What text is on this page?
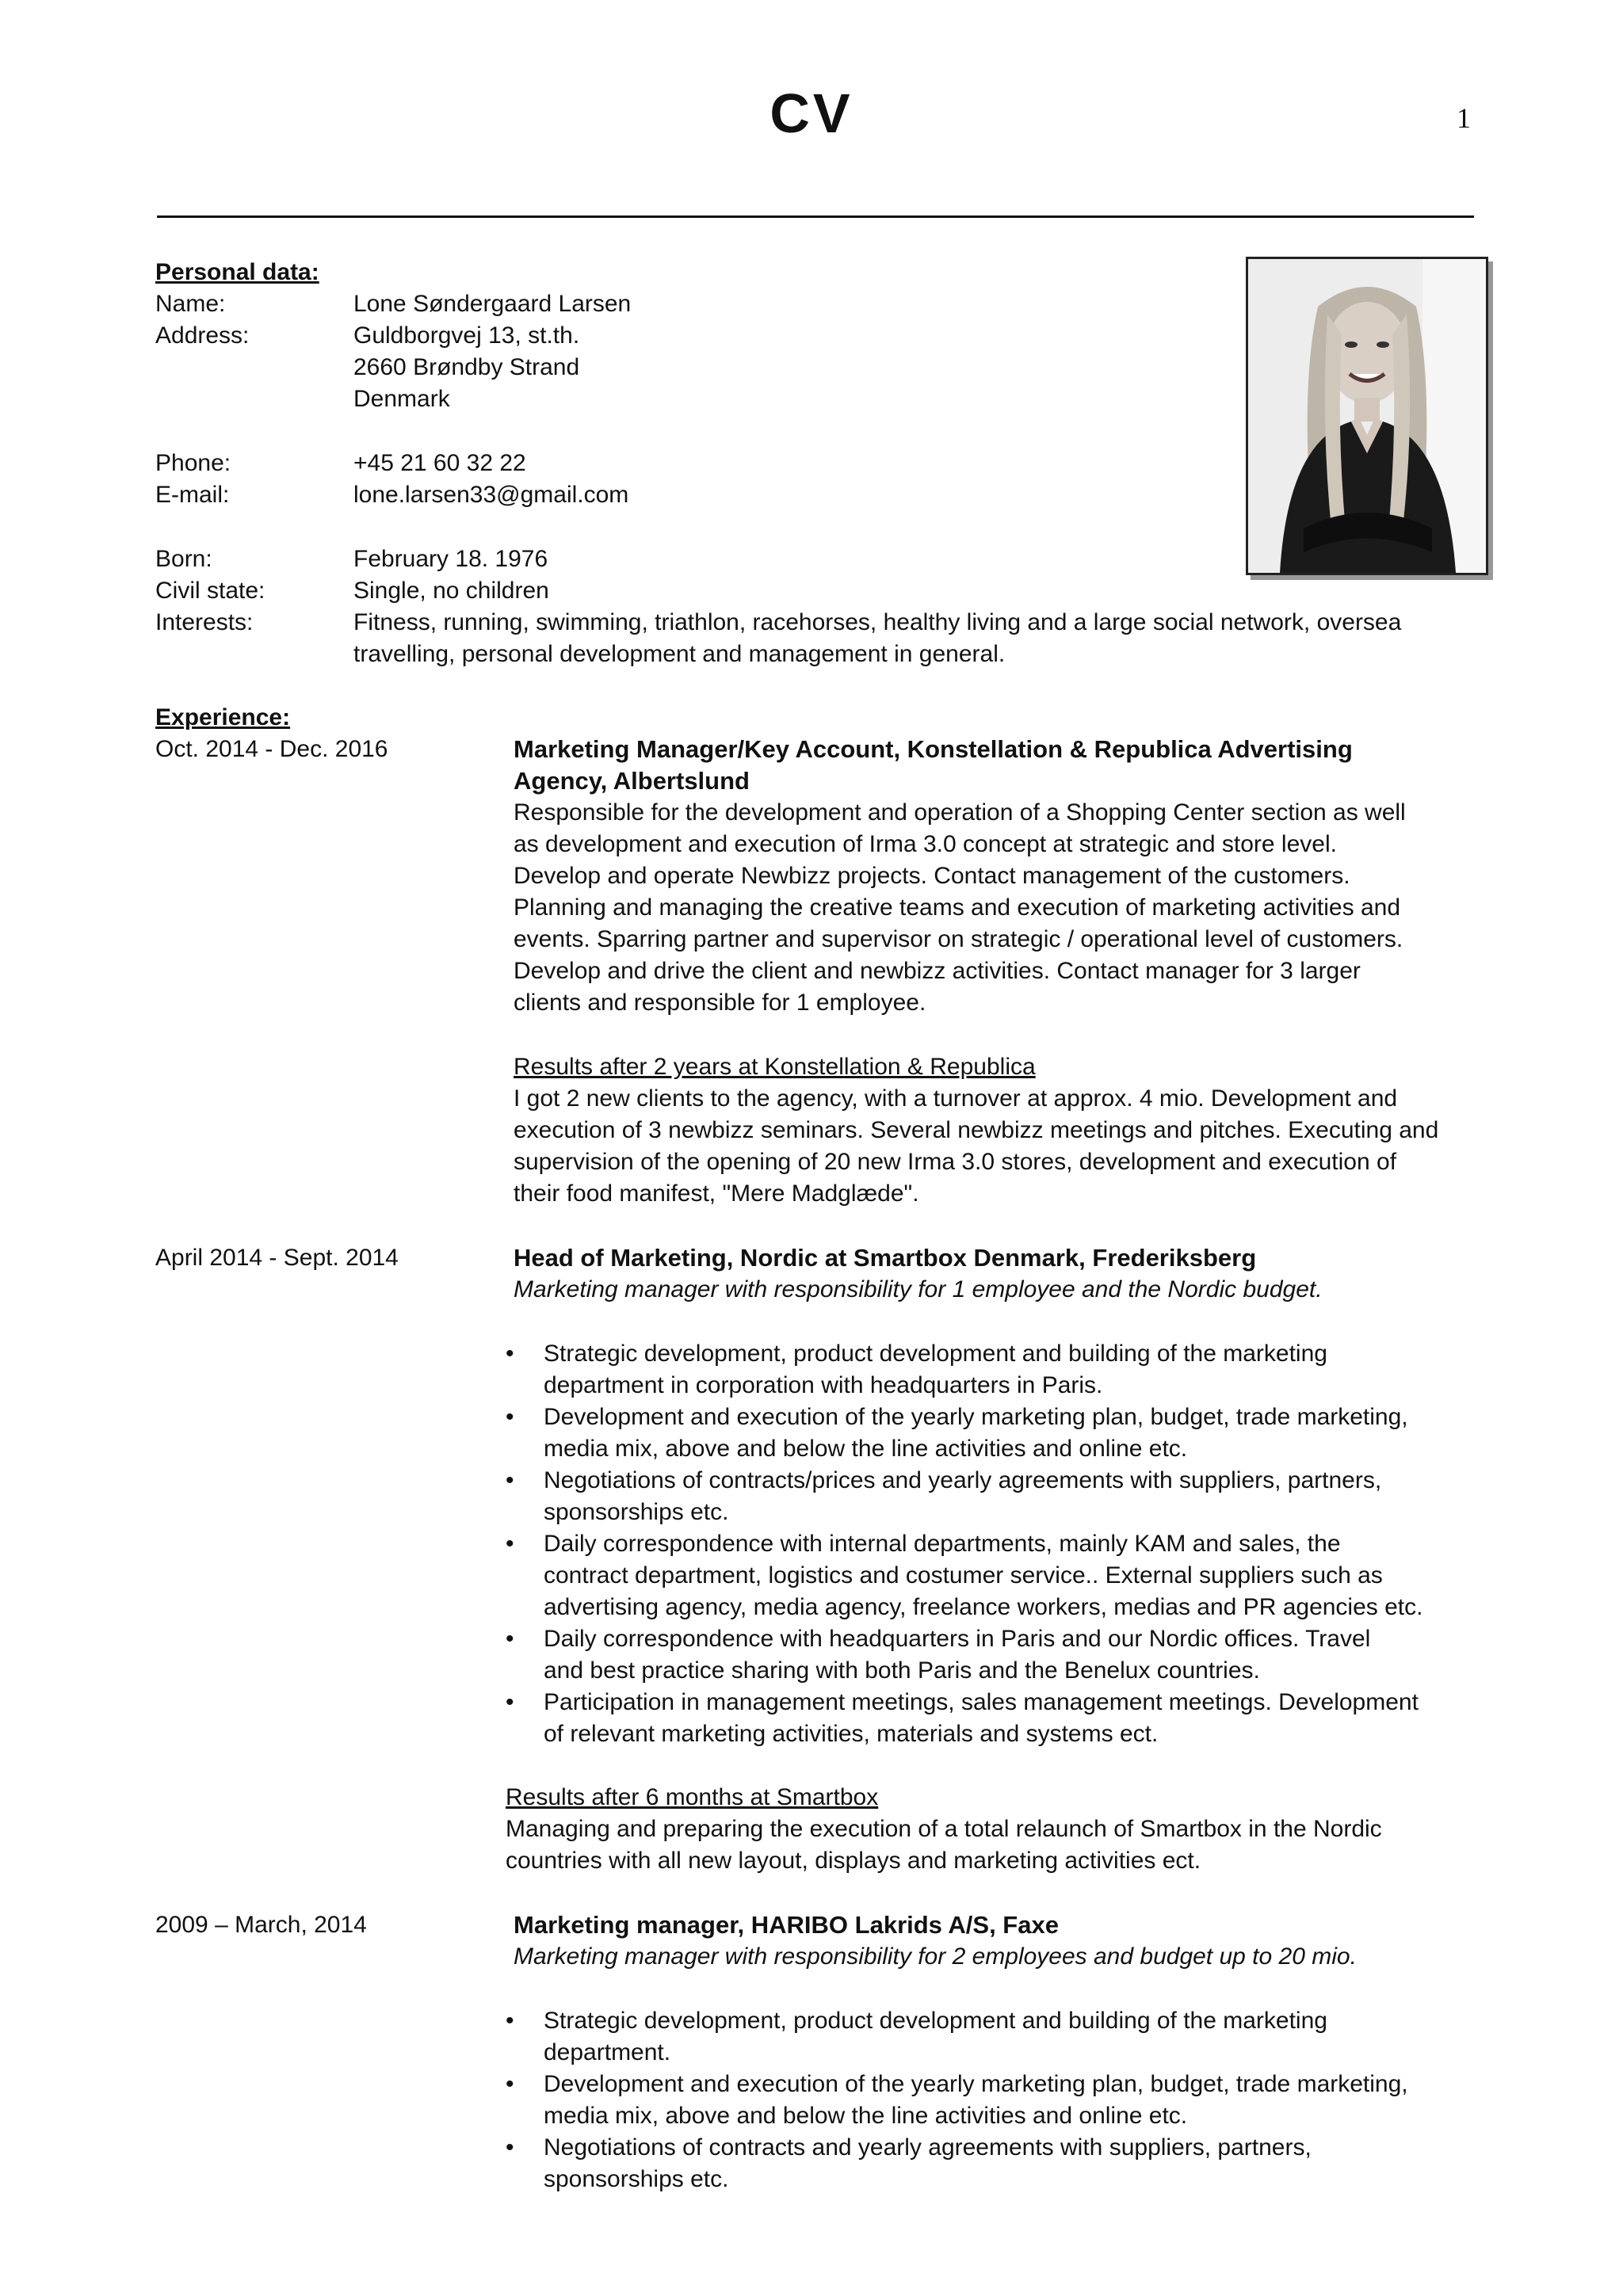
CV	1
Personal data:
Name:	Lone Søndergaard Larsen
Address:	Guldborgvej 13, st.th.
2660 Brøndby Strand
Denmark
Phone:	+45 21 60 32 22
E-mail:	lone.larsen33@gmail.com
Born:	February 18. 1976
Civil state:	Single, no children
Interests:	Fitness, running, swimming, triathlon, racehorses, healthy living and a large social network, oversea
travelling, personal development and management in general.
Experience:
Oct. 2014 - Dec. 2016	Marketing Manager/Key Account, Konstellation & Republica Advertising
Agency, Albertslund
Responsible for the development and operation of a Shopping Center section as well
as development and execution of Irma 3.0 concept at strategic and store level.
Develop and operate Newbizz projects. Contact management of the customers.
Planning and managing the creative teams and execution of marketing activities and
events. Sparring partner and supervisor on strategic / operational level of customers.
Develop and drive the client and newbizz activities. Contact manager for 3 larger
clients and responsible for 1 employee.
Results after 2 years at Konstellation & Republica
I got 2 new clients to the agency, with a turnover at approx. 4 mio. Development and
execution of 3 newbizz seminars. Several newbizz meetings and pitches. Executing and
supervision of the opening of 20 new Irma 3.0 stores, development and execution of
their food manifest, "Mere Madglæde".
April 2014 - Sept. 2014	Head of Marketing, Nordic at Smartbox Denmark, Frederiksberg
Marketing manager with responsibility for 1 employee and the Nordic budget.
• Strategic development, product development and building of the marketing
department in corporation with headquarters in Paris.
• Development and execution of the yearly marketing plan, budget, trade marketing,
media mix, above and below the line activities and online etc.
• Negotiations of contracts/prices and yearly agreements with suppliers, partners,
sponsorships etc.
• Daily correspondence with internal departments, mainly KAM and sales, the
contract department, logistics and costumer service.. External suppliers such as
advertising agency, media agency, freelance workers, medias and PR agencies etc.
• Daily correspondence with headquarters in Paris and our Nordic offices. Travel
and best practice sharing with both Paris and the Benelux countries.
• Participation in management meetings, sales management meetings. Development
of relevant marketing activities, materials and systems ect.
Results after 6 months at Smartbox
Managing and preparing the execution of a total relaunch of Smartbox in the Nordic
countries with all new layout, displays and marketing activities ect.
2009 – March, 2014	Marketing manager, HARIBO Lakrids A/S, Faxe
Marketing manager with responsibility for 2 employees and budget up to 20 mio.
• Strategic development, product development and building of the marketing
department.
• Development and execution of the yearly marketing plan, budget, trade marketing,
media mix, above and below the line activities and online etc.
• Negotiations of contracts and yearly agreements with suppliers, partners,
sponsorships etc.
